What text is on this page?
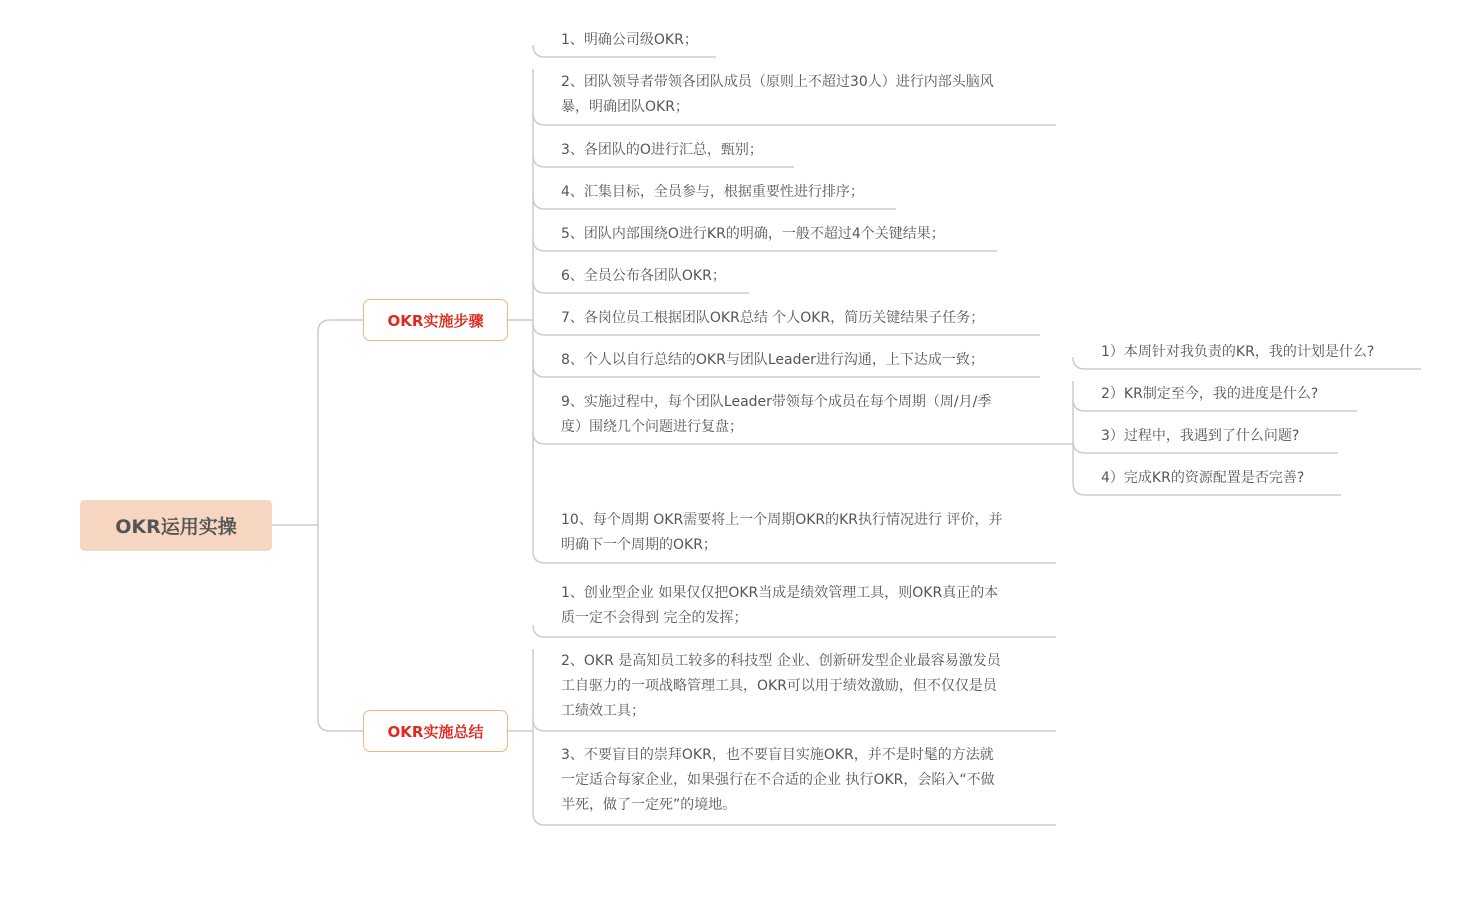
OKR运用实操
OKR实施步骤
OKR实施总结
1、明确公司级OKR；
2、团队领导者带领各团队成员（原则上不超过30人）进行内部头脑风
暴，明确团队OKR；
3、各团队的O进行汇总，甄别；
4、汇集目标，全员参与，根据重要性进行排序；
5、团队内部围绕O进行KR的明确，一般不超过4个关键结果；
6、全员公布各团队OKR；
7、各岗位员工根据团队OKR总结 个人OKR，简历关键结果子任务；
8、个人以自行总结的OKR与团队Leader进行沟通，上下达成一致；
9、实施过程中，每个团队Leader带领每个成员在每个周期（周/月/季
度）围绕几个问题进行复盘；
10、每个周期 OKR需要将上一个周期OKR的KR执行情况进行 评价，并
明确下一个周期的OKR；
1）本周针对我负责的KR，我的计划是什么?
2）KR制定至今，我的进度是什么?
3）过程中，我遇到了什么问题?
4）完成KR的资源配置是否完善?
1、创业型企业 如果仅仅把OKR当成是绩效管理工具，则OKR真正的本
质一定不会得到 完全的发挥；
2、OKR 是高知员工较多的科技型 企业、创新研发型企业最容易激发员
工自驱力的一项战略管理工具，OKR可以用于绩效激励，但不仅仅是员
工绩效工具；
3、不要盲目的崇拜OKR，也不要盲目实施OKR，并不是时髦的方法就
一定适合每家企业，如果强行在不合适的企业 执行OKR，会陷入“不做
半死，做了一定死”的境地。
